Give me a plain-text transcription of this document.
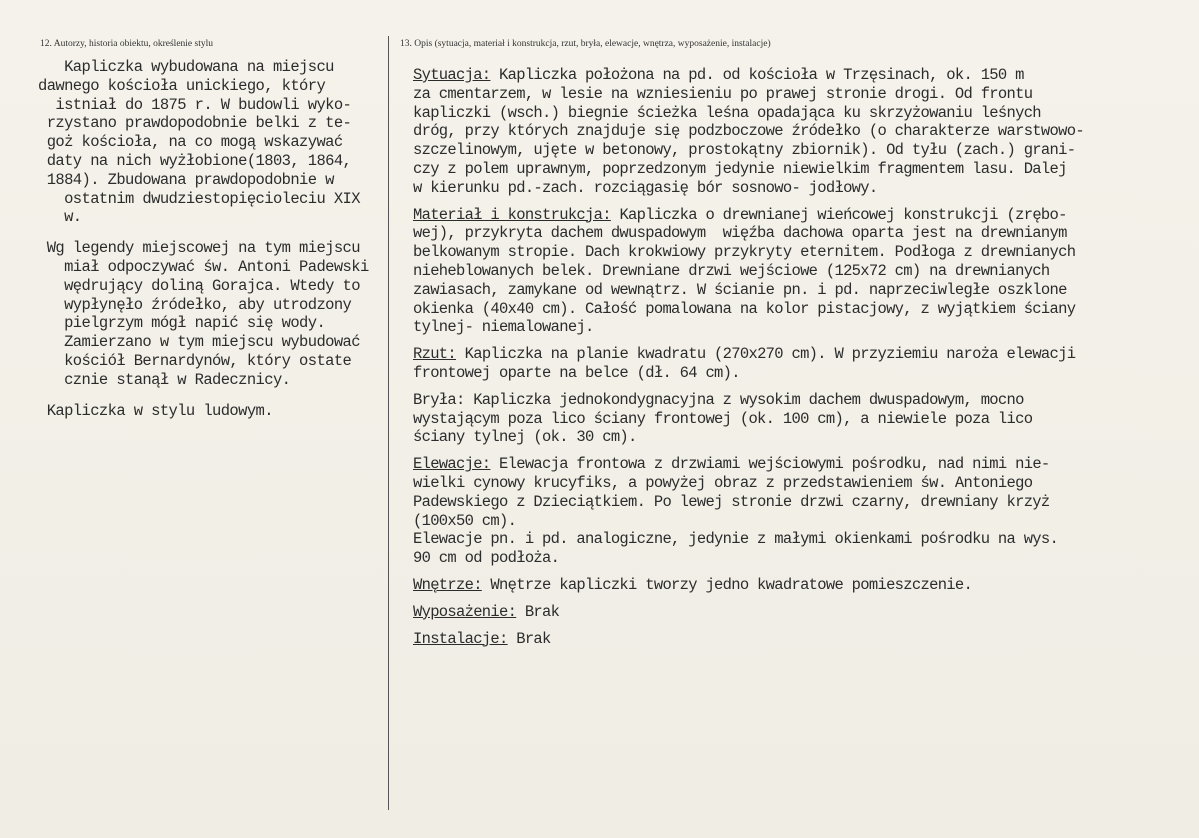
12. Autorzy, historia obiektu, określenie stylu	13. Opis (sytuacja, materiał i konstrukcja, rzut, bryła, elewacje, wnętrza, wyposażenie, instalacje)

Kapliczka wybudowana na miejscu
dawnego kościoła unickiego, który
istniał do 1875 r. W budowli wyko-
rzystano prawdopodobnie belki z te-
goż kościoła, na co mogą wskazywać
daty na nich wyżłobione(1803, 1864,
1884). Zbudowana prawdopodobnie w
ostatnim dwudziestopięcioleciu XIX
w.

Wg legendy miejscowej na tym miejscu
miał odpoczywać św. Antoni Padewski
wędrujący doliną Gorajca. Wtedy to
wypłynęło źródełko, aby utrodzony
pielgrzym mógł napić się wody.
Zamierzano w tym miejscu wybudować
kościół Bernardynów, który ostate
cznie stanął w Radecznicy.

Kapliczka w stylu ludowym.

Sytuacja: Kapliczka położona na pd. od kościoła w Trzęsinach, ok. 150 m
za cmentarzem, w lesie na wzniesieniu po prawej stronie drogi. Od frontu
kapliczki (wsch.) biegnie ścieżka leśna opadająca ku skrzyżowaniu leśnych
dróg, przy których znajduje się podzboczowe źródełko (o charakterze warstwowo-
szczelinowym, ujęte w betonowy, prostokątny zbiornik). Od tyłu (zach.) grani-
czy z polem uprawnym, poprzedzonym jedynie niewielkim fragmentem lasu. Dalej
w kierunku pd.-zach. rozciągasię bór sosnowo- jodłowy.
Materiał i konstrukcja: Kapliczka o drewnianej wieńcowej konstrukcji (zrębo-
wej), przykryta dachem dwuspadowym  więźba dachowa oparta jest na drewnianym
belkowanym stropie. Dach krokwiowy przykryty eternitem. Podłoga z drewnianych
nieheblowanych belek. Drewniane drzwi wejściowe (125x72 cm) na drewnianych
zawiasach, zamykane od wewnątrz. W ścianie pn. i pd. naprzeciwległe oszklone
okienka (40x40 cm). Całość pomalowana na kolor pistacjowy, z wyjątkiem ściany
tylnej- niemalowanej.
Rzut: Kapliczka na planie kwadratu (270x270 cm). W przyziemiu naroża elewacji
frontowej oparte na belce (dł. 64 cm).
Bryła: Kapliczka jednokondygnacyjna z wysokim dachem dwuspadowym, mocno
wystającym poza lico ściany frontowej (ok. 100 cm), a niewiele poza lico
ściany tylnej (ok. 30 cm).
Elewacje: Elewacja frontowa z drzwiami wejściowymi pośrodku, nad nimi nie-
wielki cynowy krucyfiks, a powyżej obraz z przedstawieniem św. Antoniego
Padewskiego z Dzieciątkiem. Po lewej stronie drzwi czarny, drewniany krzyż
(100x50 cm).
Elewacje pn. i pd. analogiczne, jedynie z małymi okienkami pośrodku na wys.
90 cm od podłoża.
Wnętrze: Wnętrze kapliczki tworzy jedno kwadratowe pomieszczenie.
Wyposażenie: Brak
Instalacje: Brak
